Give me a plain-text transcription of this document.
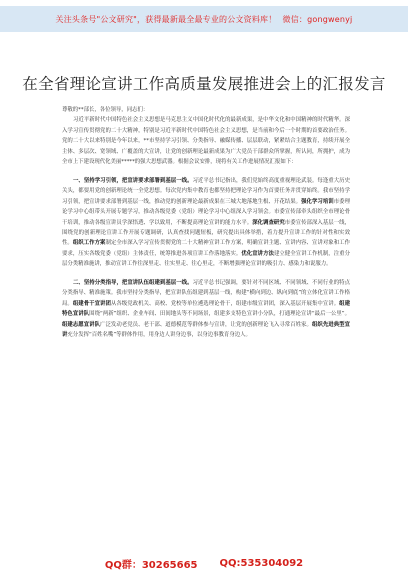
关注头条号"公文研究"，获得最新最全最专业的公文资料库！ 微信：gongwenyj
在全省理论宣讲工作高质量发展推进会上的汇报发言

尊敬的**部长，各位领导，同志们：

习近平新时代中国特色社会主义思想是马克思主义中国化时代化的最新成果，是中华文化和中国精神的时代精华。深入学习宣传贯彻党的二十大精神，特别是习近平新时代中国特色社会主义思想，是当前和今后一个时期的首要政治任务。党的二十大以来特别是今年以来，**市坚持学习引领、分类指导、融媒传播、层层联动，紧紧结合主题教育，持续开展全主体、多层次、宽领域、广覆盖的大宣讲，让党的创新理论最新成果为广大党员干部群众所掌握，所认同，所拥护，成为全市上下建设现代化美丽*****的强大思想武器。根据会议安排，现将有关工作进展情况汇报如下：

一、坚持学习引领，把宣讲要求部署到基层一线。习近平总书记指出，我们党始终高度重视理论武装。每逢重大历史关头，都要用党的创新理论统一全党思想。每次党内集中教育也都坚持把理论学习作为首要任务并贯穿始终。我市坚持学习引领，把宣讲要求部署到基层一线，推动党的创新理论最新成果在三城大地落地生根、开花结果。强化学习培训市委理论学习中心组带头开展专题学习，推动各级党委（党组）理论学习中心组深入学习领会。市委宣传部牵头组织全市理论骨干培训，推动各级宣讲员学深悟透、学以致用，不断提高理论宣讲的能力水平。深化调查研究市委宣传部深入基层一线，围绕党的创新理论宣讲工作开展专题调研，认真查找问题短板，研究提出具体举措，着力提升宣讲工作的针对性和实效性。组织工作方案制定全市深入学习宣传贯彻党的二十大精神宣讲工作方案，明确宣讲主题、宣讲内容、宣讲对象和工作要求，压实各级党委（党组）主体责任，统筹推进各项宣讲工作落地落实。优化宣讲方法建立健全宣讲工作机制，注重分层分类精准施讲，推动宣讲工作往深里走、往实里走、往心里走，不断增强理论宣讲的吸引力、感染力和说服力。

二、坚持分类指导，把宣讲队伍组建到基层一线。习近平总书记强调，要针对不同区域、不同领域、不同行业的特点分类指导、精准施策。我市坚持分类指导，把宣讲队伍组建到基层一线，构建“横向到边、纵向到底”的立体化宣讲工作格局。组建骨干宣讲团从各级党政机关、高校、党校等单位遴选理论骨干，组建市级宣讲团，深入基层开展集中宣讲。组建特色宣讲队围绕“两新”组织、企业车间、田间地头等不同场景，组建多支特色宣讲小分队，打通理论宣讲“最后一公里”。组建志愿宣讲队广泛发动老党员、老干部、道德模范等群体参与宣讲，让党的创新理论飞入寻常百姓家。组织先进典型宣讲充分发挥“百姓名嘴”等群体作用，用身边人讲身边事，以身边事教育身边人。

QQ群：30265665 QQ:535304092
